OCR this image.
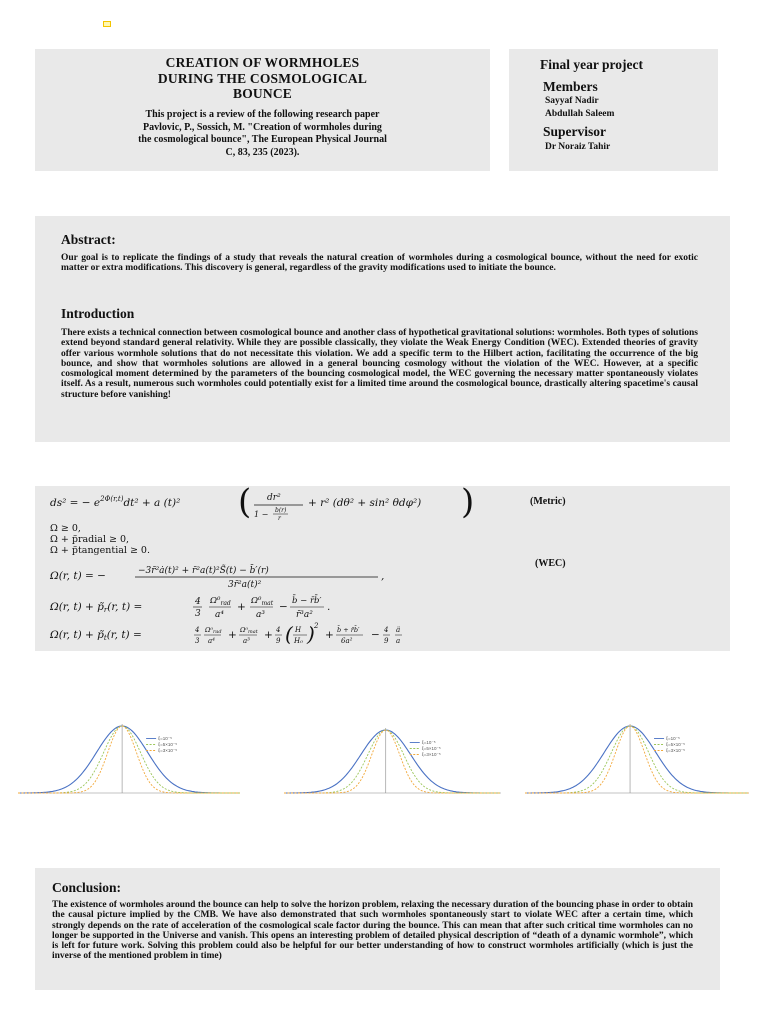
CREATION OF WORMHOLES
DURING THE COSMOLOGICAL
BOUNCE
This project is a review of the following research paper
Pavlovic, P., Sossich, M. "Creation of wormholes during
the cosmological bounce", The European Physical Journal
C, 83, 235 (2023).
Final year project
Members
Sayyaf Nadir
Abdullah Saleem
Supervisor
Dr Noraiz Tahir
Abstract:
Our goal is to replicate the findings of a study that reveals the natural creation of wormholes during a cosmological bounce, without the need for exotic matter or extra modifications. This discovery is general, regardless of the gravity modifications used to initiate the bounce.
Introduction
There exists a technical connection between cosmological bounce and another class of hypothetical gravitational solutions: wormholes. Both types of solutions extend beyond standard general relativity. While they are possible classically, they violate the Weak Energy Condition (WEC). Extended theories of gravity offer various wormhole solutions that do not necessitate this violation. We add a specific term to the Hilbert action, facilitating the occurrence of the big bounce, and show that wormholes solutions are allowed in a general bouncing cosmology without the violation of the WEC. However, at a specific cosmological moment determined by the parameters of the bouncing cosmological model, the WEC governing the necessary matter spontaneously violates itself. As a result, numerous such wormholes could potentially exist for a limited time around the cosmological bounce, drastically altering spacetime's causal structure before vanishing!
ds² = − $e^{2\Phi(r,t)}dt^2 + a$ (t)² ( dr²
1 − b(r)
r
+ r² (dθ² + sin² θdφ²) )
Ω ≥ 0,
Ω + p̃radial ≥ 0,
Ω + p̃tangential ≥ 0.
Ω(r, t) = −	−3r̄²ȧ(t)² + r̄²a(t)²S̃(t) − b̄′(r)
3r̄²a(t)²
,
Ω(r, t) + p̃r(r, t) =	4
3
$\Omega^0_{rad}$
a⁴
+ $\Omega^0_{mat}$
a³
− b̄ − r̄b̄′
r̄³a²
.
Ω(r, t) + p̃t(r, t) =	4
3
Ω⁰rad
a⁴ + Ω⁰mat
a³ + 4
9 ( H
H₀ ) 2
+ b̄ + r̄b̄′
6a² − 4
9
ä
a
(Metric)
(WEC)
ξ=10⁻⁵
ξ=5×10⁻⁵
ξ=3×10⁻⁵
ξ=10⁻⁵
ξ=5×10⁻⁵
ξ=3×10⁻⁵
ξ=10⁻⁵
ξ=5×10⁻⁵
ξ=3×10⁻⁵
Conclusion:
The existence of wormholes around the bounce can help to solve the horizon problem, relaxing the necessary duration of the bouncing phase in order to obtain the causal picture implied by the CMB. We have also demonstrated that such wormholes spontaneously start to violate WEC after a certain time, which strongly depends on the rate of acceleration of the cosmological scale factor during the bounce. This can mean that after such critical time wormholes can no longer be supported in the Universe and vanish. This opens an interesting problem of detailed physical description of “death of a dynamic wormhole”, which is left for future work. Solving this problem could also be helpful for our better understanding of how to construct wormholes artificially (which is just the inverse of the mentioned problem in time)
